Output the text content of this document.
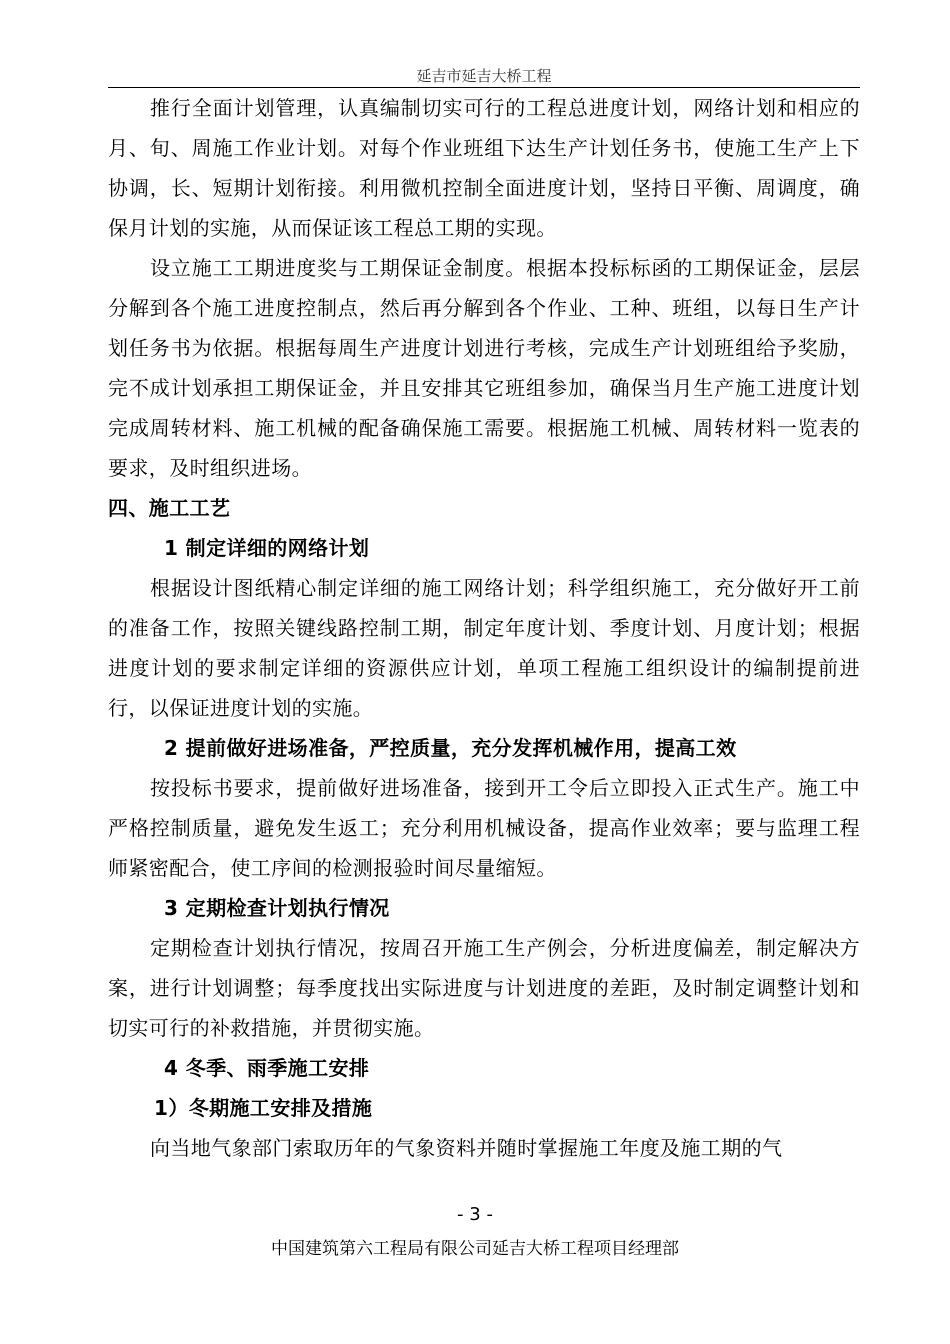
延吉市延吉大桥工程

推行全面计划管理，认真编制切实可行的工程总进度计划，网络计划和相应的月、旬、周施工作业计划。对每个作业班组下达生产计划任务书，使施工生产上下协调，长、短期计划衔接。利用微机控制全面进度计划，坚持日平衡、周调度，确保月计划的实施，从而保证该工程总工期的实现。

设立施工工期进度奖与工期保证金制度。根据本投标标函的工期保证金，层层分解到各个施工进度控制点，然后再分解到各个作业、工种、班组，以每日生产计划任务书为依据。根据每周生产进度计划进行考核，完成生产计划班组给予奖励，完不成计划承担工期保证金，并且安排其它班组参加，确保当月生产施工进度计划完成周转材料、施工机械的配备确保施工需要。根据施工机械、周转材料一览表的要求，及时组织进场。

四、施工工艺

1 制定详细的网络计划

根据设计图纸精心制定详细的施工网络计划；科学组织施工，充分做好开工前的准备工作，按照关键线路控制工期，制定年度计划、季度计划、月度计划；根据进度计划的要求制定详细的资源供应计划，单项工程施工组织设计的编制提前进行，以保证进度计划的实施。

2 提前做好进场准备，严控质量，充分发挥机械作用，提高工效

按投标书要求，提前做好进场准备，接到开工令后立即投入正式生产。施工中严格控制质量，避免发生返工；充分利用机械设备，提高作业效率；要与监理工程师紧密配合，使工序间的检测报验时间尽量缩短。

3 定期检查计划执行情况

定期检查计划执行情况，按周召开施工生产例会，分析进度偏差，制定解决方案，进行计划调整；每季度找出实际进度与计划进度的差距，及时制定调整计划和切实可行的补救措施，并贯彻实施。

4 冬季、雨季施工安排

1）冬期施工安排及措施

向当地气象部门索取历年的气象资料并随时掌握施工年度及施工期的气

- 3 -
中国建筑第六工程局有限公司延吉大桥工程项目经理部
